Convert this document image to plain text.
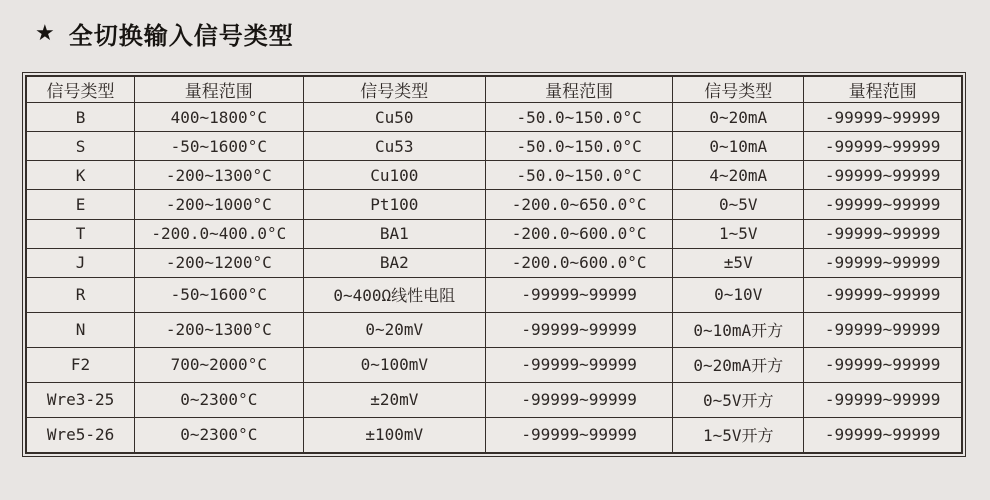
★ 全切换输入信号类型
信号类型	量程范围	信号类型	量程范围	信号类型	量程范围
B	400~1800°C	Cu50	-50.0~150.0°C	0~20mA	-99999~99999
S	-50~1600°C	Cu53	-50.0~150.0°C	0~10mA	-99999~99999
K	-200~1300°C	Cu100	-50.0~150.0°C	4~20mA	-99999~99999
E	-200~1000°C	Pt100	-200.0~650.0°C	0~5V	-99999~99999
T	-200.0~400.0°C	BA1	-200.0~600.0°C	1~5V	-99999~99999
J	-200~1200°C	BA2	-200.0~600.0°C	±5V	-99999~99999
R	-50~1600°C	0~400Ω线性电阻	-99999~99999	0~10V	-99999~99999
N	-200~1300°C	0~20mV	-99999~99999	0~10mA开方	-99999~99999
F2	700~2000°C	0~100mV	-99999~99999	0~20mA开方	-99999~99999
Wre3-25	0~2300°C	±20mV	-99999~99999	0~5V开方	-99999~99999
Wre5-26	0~2300°C	±100mV	-99999~99999	1~5V开方	-99999~99999
